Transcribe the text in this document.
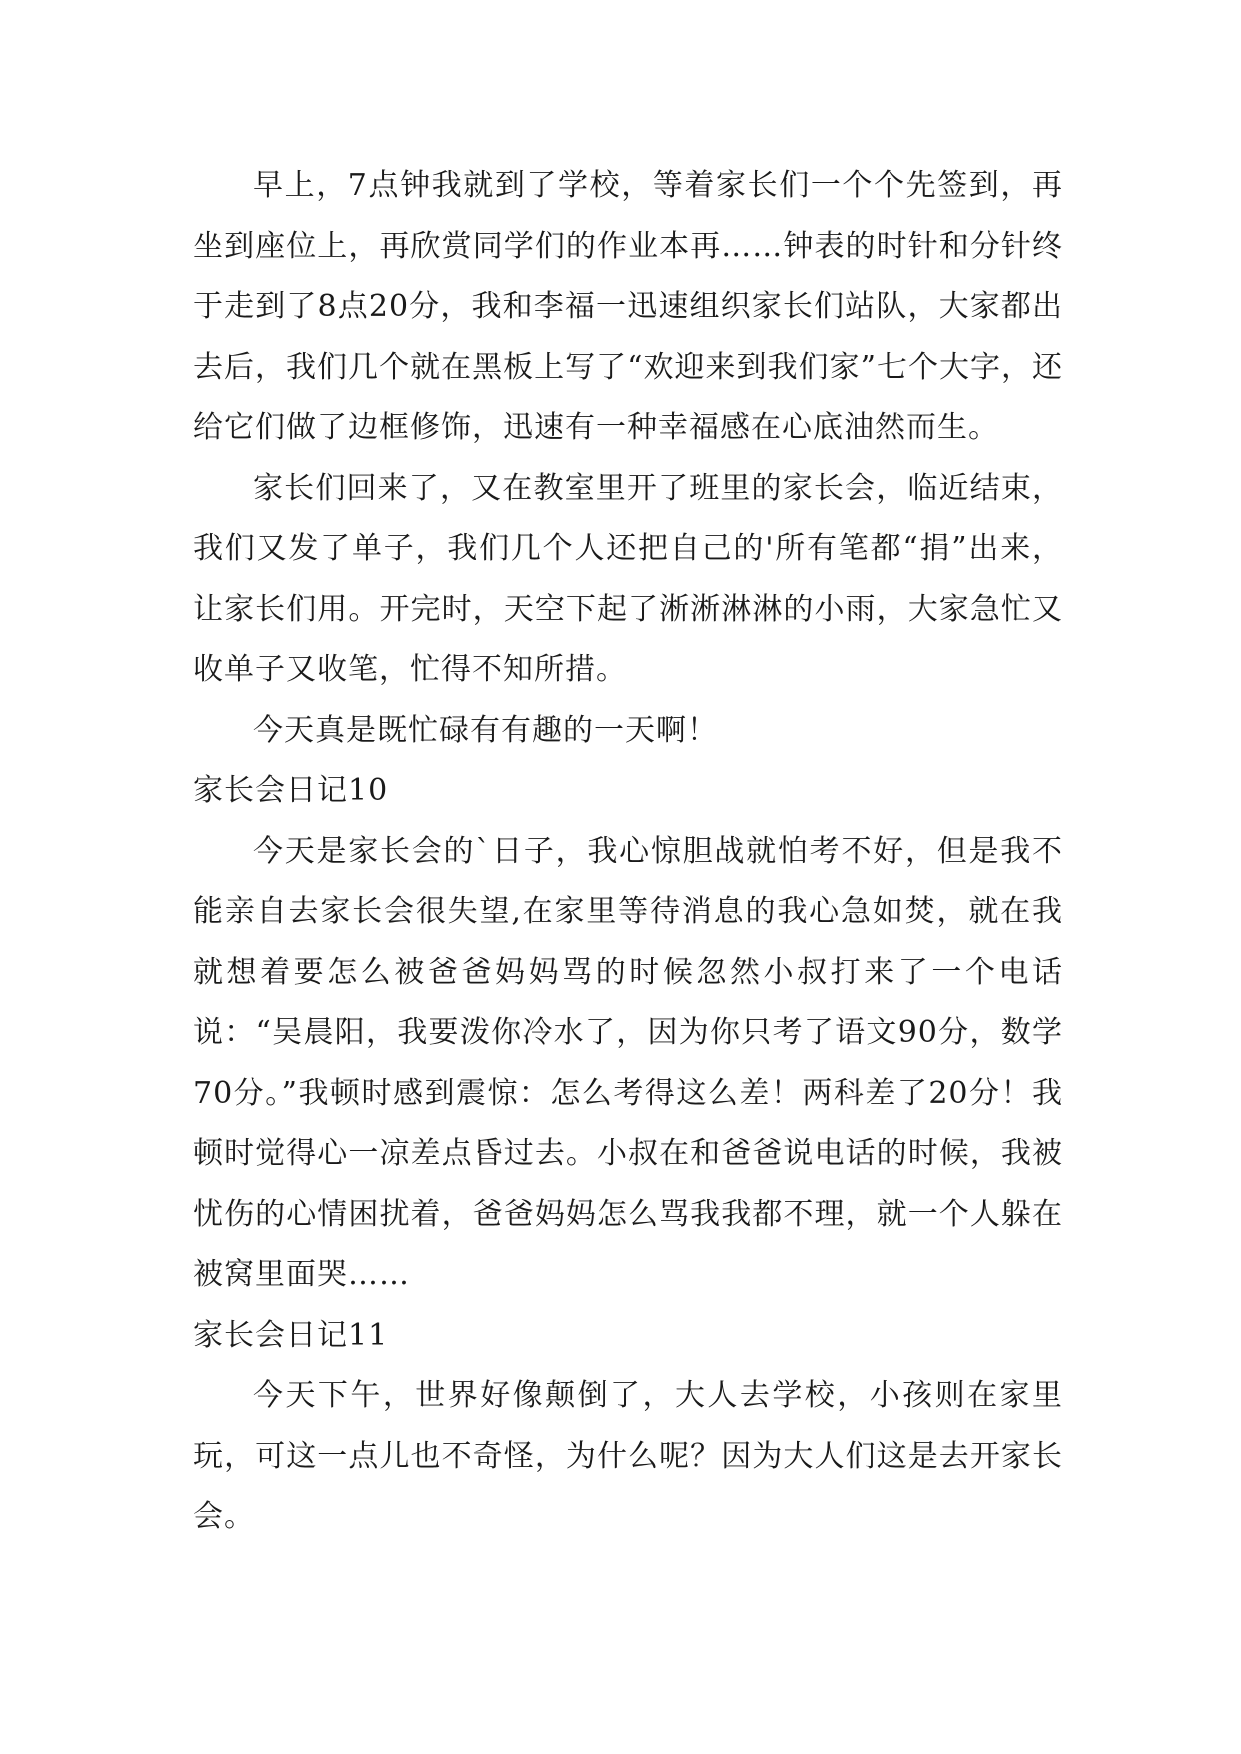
早上，7点钟我就到了学校，等着家长们一个个先签到，再坐到座位上，再欣赏同学们的作业本再……钟表的时针和分针终于走到了8点20分，我和李福一迅速组织家长们站队，大家都出去后，我们几个就在黑板上写了“欢迎来到我们家”七个大字，还给它们做了边框修饰，迅速有一种幸福感在心底油然而生。

家长们回来了，又在教室里开了班里的家长会，临近结束，我们又发了单子，我们几个人还把自己的'所有笔都“捐”出来，让家长们用。开完时，天空下起了淅淅淋淋的小雨，大家急忙又收单子又收笔，忙得不知所措。

今天真是既忙碌有有趣的一天啊！

家长会日记10

今天是家长会的`日子，我心惊胆战就怕考不好，但是我不能亲自去家长会很失望,在家里等待消息的我心急如焚，就在我就想着要怎么被爸爸妈妈骂的时候忽然小叔打来了一个电话说：“吴晨阳，我要泼你冷水了，因为你只考了语文90分，数学70分。”我顿时感到震惊：怎么考得这么差！两科差了20分！我顿时觉得心一凉差点昏过去。小叔在和爸爸说电话的时候，我被忧伤的心情困扰着，爸爸妈妈怎么骂我我都不理，就一个人躲在被窝里面哭……

家长会日记11

今天下午，世界好像颠倒了，大人去学校，小孩则在家里玩，可这一点儿也不奇怪，为什么呢？因为大人们这是去开家长会。
